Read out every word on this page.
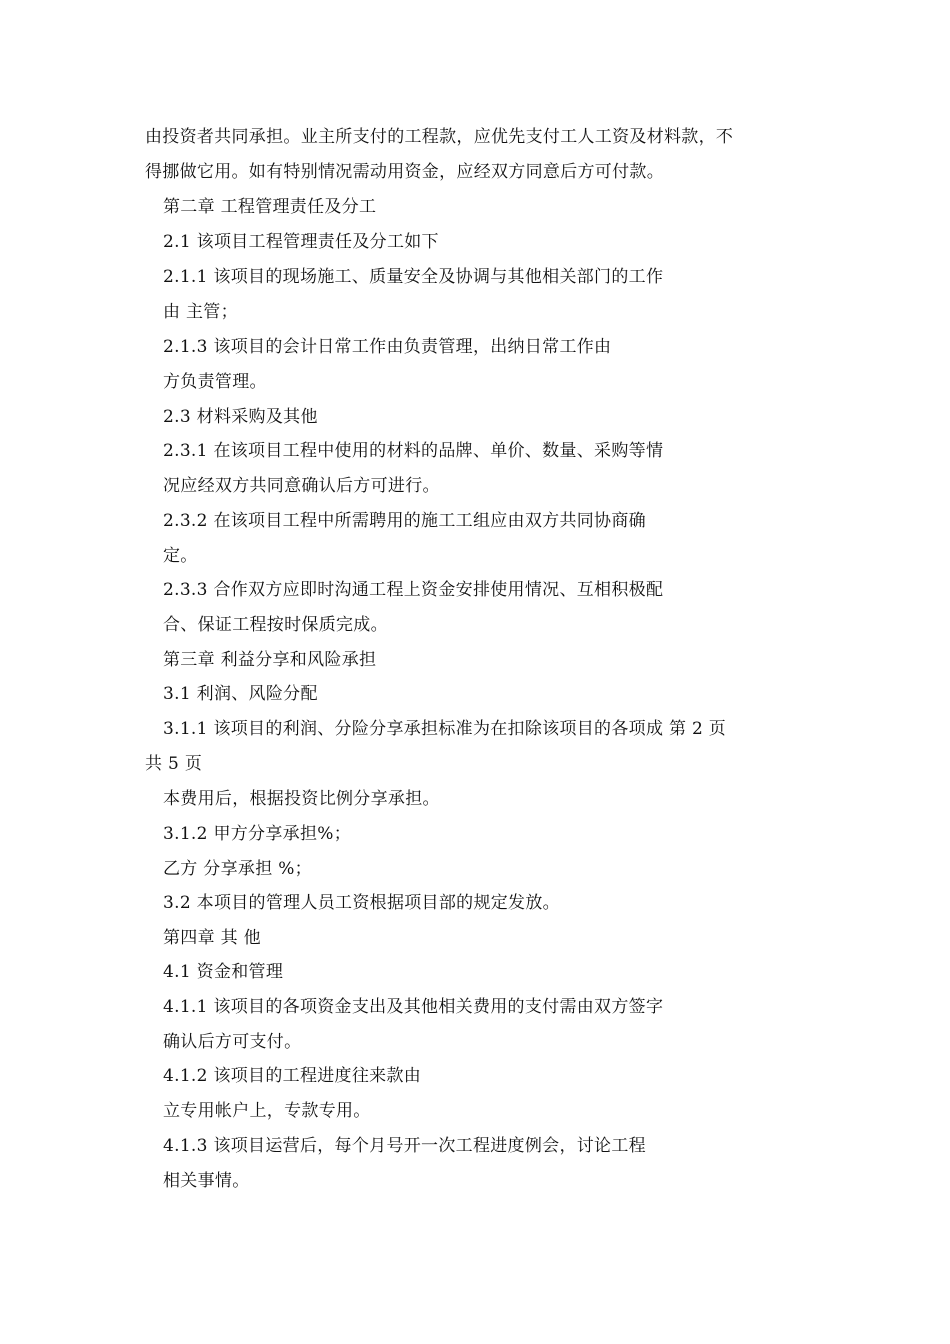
由投资者共同承担。业主所支付的工程款，应优先支付工人工资及材料款，不
得挪做它用。如有特别情况需动用资金，应经双方同意后方可付款。
第二章 工程管理责任及分工
2.1 该项目工程管理责任及分工如下
2.1.1 该项目的现场施工、质量安全及协调与其他相关部门的工作
由 主管；
2.1.3 该项目的会计日常工作由负责管理，出纳日常工作由
方负责管理。
2.3 材料采购及其他
2.3.1 在该项目工程中使用的材料的品牌、单价、数量、采购等情
况应经双方共同意确认后方可进行。
2.3.2 在该项目工程中所需聘用的施工工组应由双方共同协商确
定。
2.3.3 合作双方应即时沟通工程上资金安排使用情况、互相积极配
合、保证工程按时保质完成。
第三章 利益分享和风险承担
3.1 利润、风险分配
3.1.1 该项目的利润、分险分享承担标准为在扣除该项目的各项成 第 2 页
共 5 页
本费用后，根据投资比例分享承担。
3.1.2 甲方分享承担%；
乙方 分享承担 %；
3.2 本项目的管理人员工资根据项目部的规定发放。
第四章 其 他
4.1 资金和管理
4.1.1 该项目的各项资金支出及其他相关费用的支付需由双方签字
确认后方可支付。
4.1.2 该项目的工程进度往来款由
立专用帐户上，专款专用。
4.1.3 该项目运营后，每个月号开一次工程进度例会，讨论工程
相关事情。
